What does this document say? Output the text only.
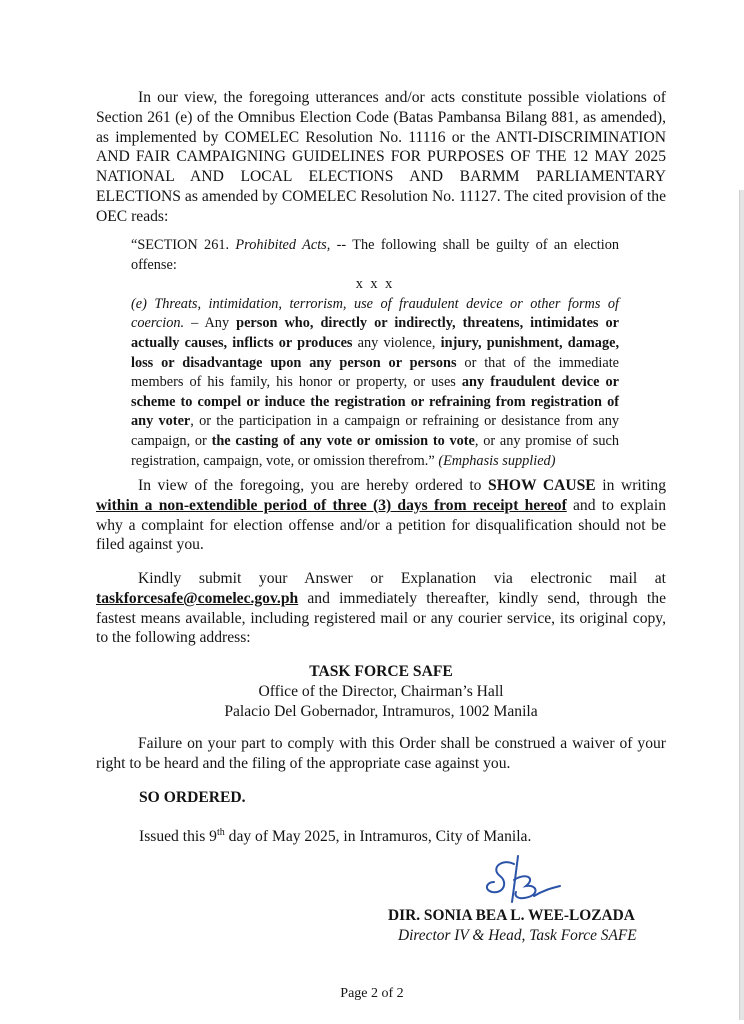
In our view, the foregoing utterances and/or acts constitute possible violations of Section 261 (e) of the Omnibus Election Code (Batas Pambansa Bilang 881, as amended), as implemented by COMELEC Resolution No. 11116 or the ANTI-DISCRIMINATION AND FAIR CAMPAIGNING GUIDELINES FOR PURPOSES OF THE 12 MAY 2025 NATIONAL AND LOCAL ELECTIONS AND BARMM PARLIAMENTARY ELECTIONS as amended by COMELEC Resolution No. 11127. The cited provision of the OEC reads:

“SECTION 261. Prohibited Acts, -- The following shall be guilty of an election offense:

x x x

(e) Threats, intimidation, terrorism, use of fraudulent device or other forms of coercion. – Any person who, directly or indirectly, threatens, intimidates or actually causes, inflicts or produces any violence, injury, punishment, damage, loss or disadvantage upon any person or persons or that of the immediate members of his family, his honor or property, or uses any fraudulent device or scheme to compel or induce the registration or refraining from registration of any voter, or the participation in a campaign or refraining or desistance from any campaign, or the casting of any vote or omission to vote, or any promise of such registration, campaign, vote, or omission therefrom.” (Emphasis supplied)

In view of the foregoing, you are hereby ordered to SHOW CAUSE in writing within a non-extendible period of three (3) days from receipt hereof and to explain why a complaint for election offense and/or a petition for disqualification should not be filed against you.

Kindly submit your Answer or Explanation via electronic mail at taskforcesafe@comelec.gov.ph and immediately thereafter, kindly send, through the fastest means available, including registered mail or any courier service, its original copy, to the following address:

TASK FORCE SAFE
Office of the Director, Chairman’s Hall
Palacio Del Gobernador, Intramuros, 1002 Manila

Failure on your part to comply with this Order shall be construed a waiver of your right to be heard and the filing of the appropriate case against you.

SO ORDERED.
Issued this 9th day of May 2025, in Intramuros, City of Manila.
DIR. SONIA BEA L. WEE-LOZADA
Director IV & Head, Task Force SAFE
Page 2 of 2
